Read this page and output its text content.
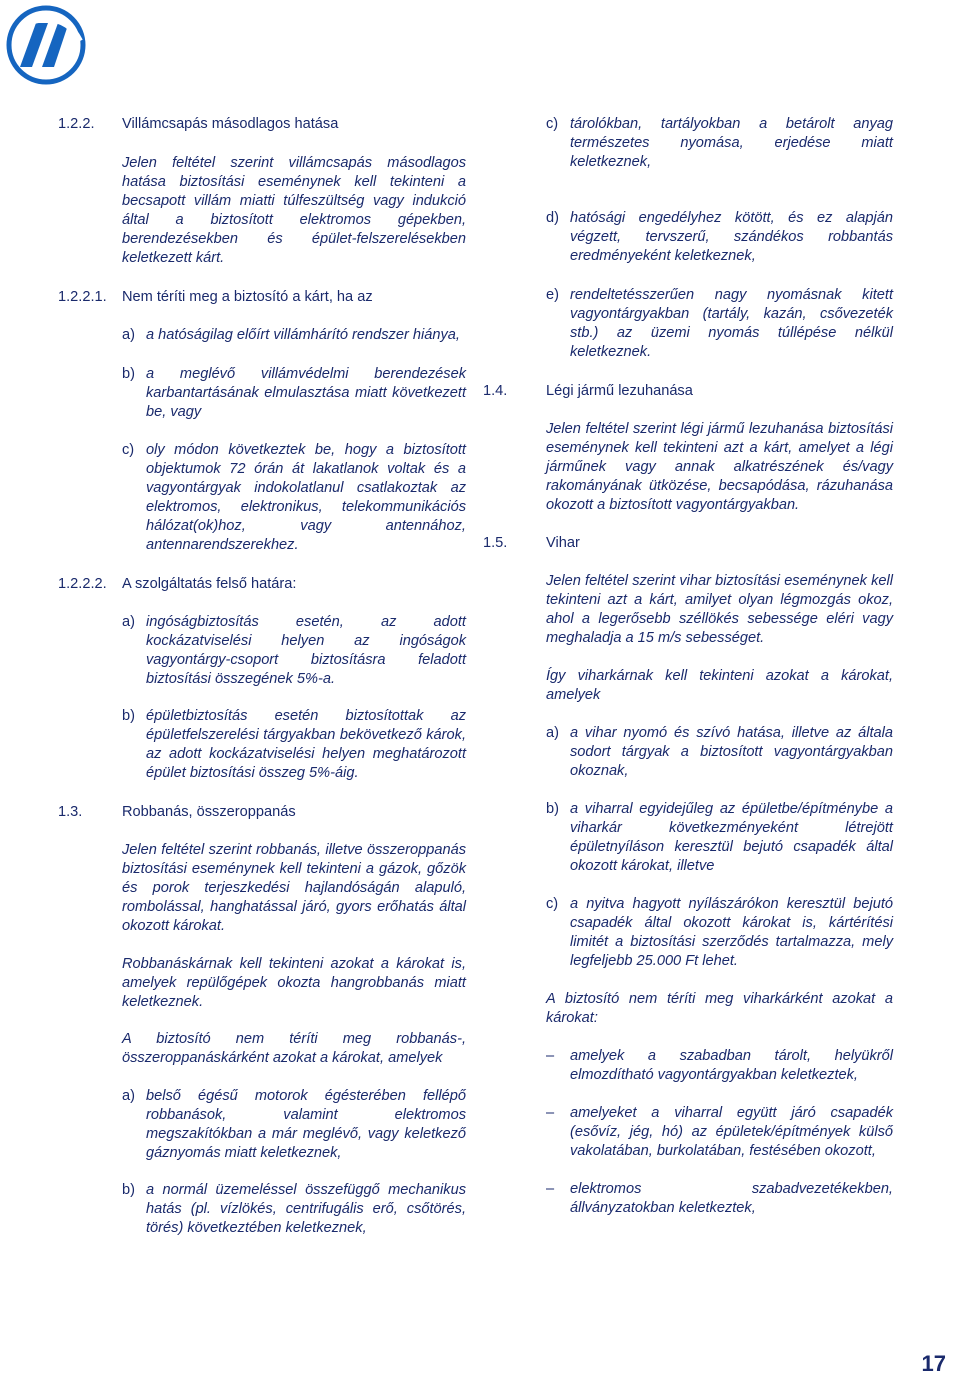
1.2.2. Villámcsapás másodlagos hatása

Jelen feltétel szerint villámcsapás másodlagos hatása biztosítási eseménynek kell tekinteni a becsapott villám miatti túlfeszültség vagy indukció által a biztosított elektromos gépekben, berendezésekben és épület-felszerelésekben keletkezett kárt.

1.2.2.1. Nem téríti meg a biztosító a kárt, ha az
a) a hatóságilag előírt villámhárító rendszer hiánya,
b) a meglévő villámvédelmi berendezések karbantartásának elmulasztása miatt következett be, vagy
c) oly módon következtek be, hogy a biztosított objektumok 72 órán át lakatlanok voltak és a vagyontárgyak indokolatlanul csatlakoztak az elektromos, elektronikus, telekommunikációs hálózat(ok)hoz, vagy antennához, antennarendszerekhez.
1.2.2.2. A szolgáltatás felső határa:
a) ingóságbiztosítás esetén, az adott kockázatviselési helyen az ingóságok vagyontárgy-csoport biztosításra feladott biztosítási összegének 5%-a.
b) épületbiztosítás esetén biztosítottak az épületfelszerelési tárgyakban bekövetkező károk, az adott kockázatviselési helyen meghatározott épület biztosítási összeg 5%-áig.
1.3.	Robbanás, összeroppanás

Jelen feltétel szerint robbanás, illetve összeroppanás biztosítási eseménynek kell tekinteni a gázok, gőzök és porok terjeszkedési hajlandóságán alapuló, rombolással, hanghatással járó, gyors erőhatás által okozott károkat.

Robbanáskárnak kell tekinteni azokat a károkat is, amelyek repülőgépek okozta hangrobbanás miatt keletkeznek.

A biztosító nem téríti meg robbanás-, összeroppanáskárként azokat a károkat, amelyek

a) belső égésű motorok égésterében fellépő robbanások, valamint elektromos megszakítókban a már meglévő, vagy keletkező gáznyomás miatt keletkeznek,
b) a normál üzemeléssel összefüggő mechanikus hatás (pl. vízlökés, centrifugális erő, csőtörés, törés) következtében keletkeznek,
c) tárolókban, tartályokban a betárolt anyag természetes nyomása, erjedése miatt keletkeznek,
d) hatósági engedélyhez kötött, és ez alapján végzett, tervszerű, szándékos robbantás eredményeként keletkeznek,
e) rendeltetésszerűen nagy nyomásnak kitett vagyontárgyakban (tartály, kazán, csővezeték stb.) az üzemi nyomás túllépése nélkül keletkeznek.
1.4.	Légi jármű lezuhanása

Jelen feltétel szerint légi jármű lezuhanása biztosítási eseménynek kell tekinteni azt a kárt, amelyet a légi járműnek vagy annak alkatrészének és/vagy rakományának ütközése, becsapódása, rázuhanása okozott a biztosított vagyontárgyakban.

1.5.	Vihar

Jelen feltétel szerint vihar biztosítási eseménynek kell tekinteni azt a kárt, amilyet olyan légmozgás okoz, ahol a legerősebb széllökés sebessége eléri vagy meghaladja a 15 m/s sebességet.

Így viharkárnak kell tekinteni azokat a károkat, amelyek

a) a vihar nyomó és szívó hatása, illetve az általa sodort tárgyak a biztosított vagyontárgyakban okoznak,
b) a viharral egyidejűleg az épületbe/építménybe a viharkár következményeként létrejött épületnyíláson keresztül bejutó csapadék által okozott károkat, illetve
c) a nyitva hagyott nyílászárókon keresztül bejutó csapadék által okozott károkat is, kártérítési limitét a biztosítási szerződés tartalmazza, mely legfeljebb 25.000 Ft lehet.

A biztosító nem téríti meg viharkárként azokat a károkat:

– amelyek a szabadban tárolt, helyükről elmozdítható vagyontárgyakban keletkeztek,
– amelyeket a viharral együtt járó csapadék (esővíz, jég, hó) az épületek/építmények külső vakolatában, burkolatában, festésében okozott,
– elektromos szabadvezetékekben, állványzatokban keletkeztek,
17
